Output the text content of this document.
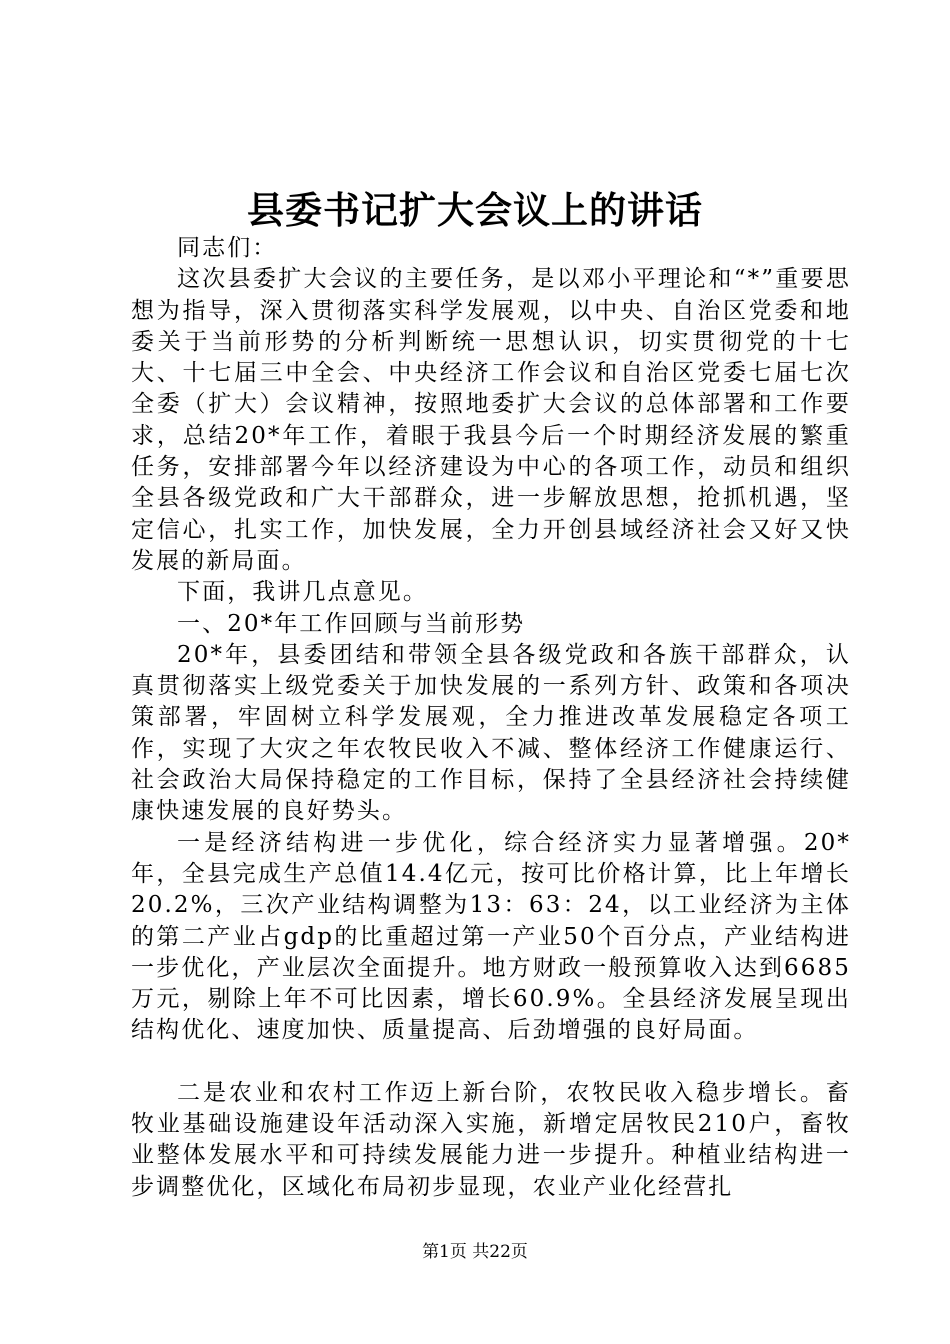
县委书记扩大会议上的讲话

同志们：

这次县委扩大会议的主要任务，是以邓小平理论和“*”重要思想为指导，深入贯彻落实科学发展观，以中央、自治区党委和地委关于当前形势的分析判断统一思想认识，切实贯彻党的十七大、十七届三中全会、中央经济工作会议和自治区党委七届七次全委（扩大）会议精神，按照地委扩大会议的总体部署和工作要求，总结20*年工作，着眼于我县今后一个时期经济发展的繁重任务，安排部署今年以经济建设为中心的各项工作，动员和组织全县各级党政和广大干部群众，进一步解放思想，抢抓机遇，坚定信心，扎实工作，加快发展，全力开创县域经济社会又好又快发展的新局面。

下面，我讲几点意见。

一、20*年工作回顾与当前形势

20*年，县委团结和带领全县各级党政和各族干部群众，认真贯彻落实上级党委关于加快发展的一系列方针、政策和各项决策部署，牢固树立科学发展观，全力推进改革发展稳定各项工作，实现了大灾之年农牧民收入不减、整体经济工作健康运行、社会政治大局保持稳定的工作目标，保持了全县经济社会持续健康快速发展的良好势头。

一是经济结构进一步优化，综合经济实力显著增强。20*年，全县完成生产总值14.4亿元，按可比价格计算，比上年增长20.2%，三次产业结构调整为13：63：24，以工业经济为主体的第二产业占gdp的比重超过第一产业50个百分点，产业结构进一步优化，产业层次全面提升。地方财政一般预算收入达到6685万元，剔除上年不可比因素，增长60.9%。全县经济发展呈现出结构优化、速度加快、质量提高、后劲增强的良好局面。

二是农业和农村工作迈上新台阶，农牧民收入稳步增长。畜牧业基础设施建设年活动深入实施，新增定居牧民210户，畜牧业整体发展水平和可持续发展能力进一步提升。种植业结构进一步调整优化，区域化布局初步显现，农业产业化经营扎

第1页 共22页
